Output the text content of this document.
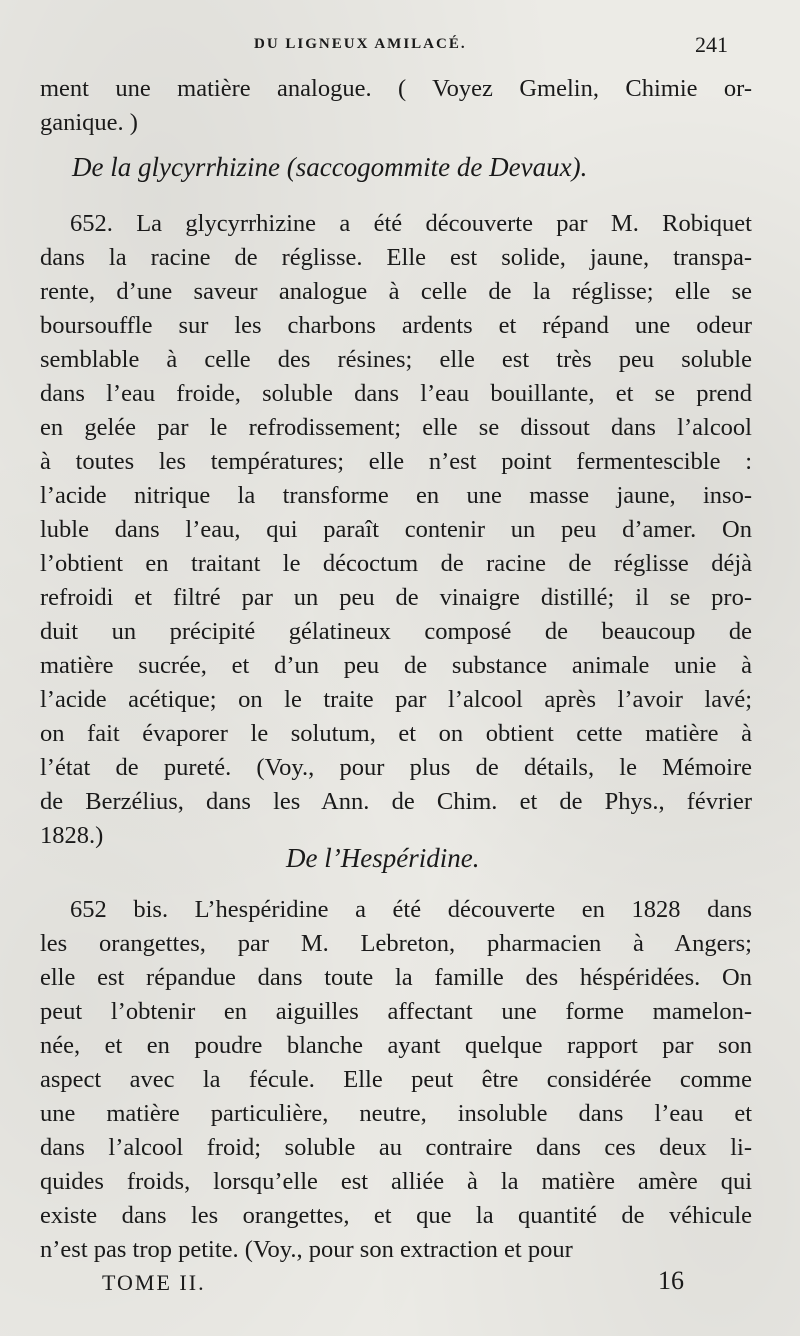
DU LIGNEUX AMILACÉ.	241
ment une matière analogue. ( Voyez Gmelin, Chimie or-
ganique. )
De la glycyrrhizine (saccogommite de Devaux).
652. La glycyrrhizine a été découverte par M. Robiquet
dans la racine de réglisse. Elle est solide, jaune, transpa-
rente, d’une saveur analogue à celle de la réglisse; elle se
boursouffle sur les charbons ardents et répand une odeur
semblable à celle des résines; elle est très peu soluble
dans l’eau froide, soluble dans l’eau bouillante, et se prend
en gelée par le refrodissement; elle se dissout dans l’alcool
à toutes les températures; elle n’est point fermentescible :
l’acide nitrique la transforme en une masse jaune, inso-
luble dans l’eau, qui paraît contenir un peu d’amer. On
l’obtient en traitant le décoctum de racine de réglisse déjà
refroidi et filtré par un peu de vinaigre distillé; il se pro-
duit un précipité gélatineux composé de beaucoup de
matière sucrée, et d’un peu de substance animale unie à
l’acide acétique; on le traite par l’alcool après l’avoir lavé;
on fait évaporer le solutum, et on obtient cette matière à
l’état de pureté. (Voy., pour plus de détails, le Mémoire
de Berzélius, dans les Ann. de Chim. et de Phys., février
1828.)
De l’Hespéridine.
652 bis. L’hespéridine a été découverte en 1828 dans
les orangettes, par M. Lebreton, pharmacien à Angers;
elle est répandue dans toute la famille des héspéridées. On
peut l’obtenir en aiguilles affectant une forme mamelon-
née, et en poudre blanche ayant quelque rapport par son
aspect avec la fécule. Elle peut être considérée comme
une matière particulière, neutre, insoluble dans l’eau et
dans l’alcool froid; soluble au contraire dans ces deux li-
quides froids, lorsqu’elle est alliée à la matière amère qui
existe dans les orangettes, et que la quantité de véhicule
n’est pas trop petite. (Voy., pour son extraction et pour
TOME II.	16
